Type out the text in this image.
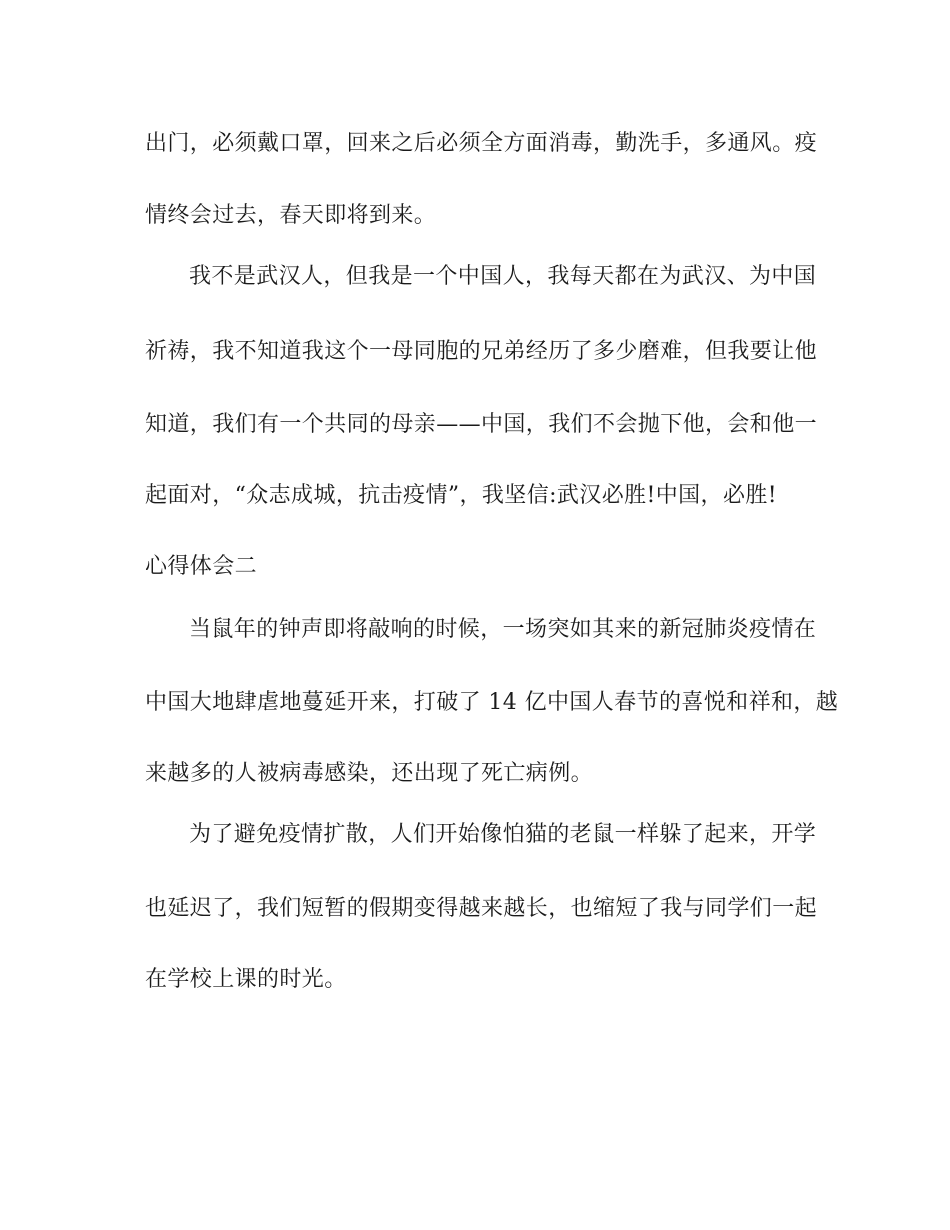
出门，必须戴口罩，回来之后必须全方面消毒，勤洗手，多通风。疫
情终会过去，春天即将到来。
我不是武汉人，但我是一个中国人，我每天都在为武汉、为中国
祈祷，我不知道我这个一母同胞的兄弟经历了多少磨难，但我要让他
知道，我们有一个共同的母亲——中国，我们不会抛下他，会和他一
起面对，“众志成城，抗击疫情”，我坚信:武汉必胜!中国，必胜!
心得体会二
当鼠年的钟声即将敲响的时候，一场突如其来的新冠肺炎疫情在
中国大地肆虐地蔓延开来，打破了 14 亿中国人春节的喜悦和祥和，越
来越多的人被病毒感染，还出现了死亡病例。
为了避免疫情扩散，人们开始像怕猫的老鼠一样躲了起来，开学
也延迟了，我们短暂的假期变得越来越长，也缩短了我与同学们一起
在学校上课的时光。
